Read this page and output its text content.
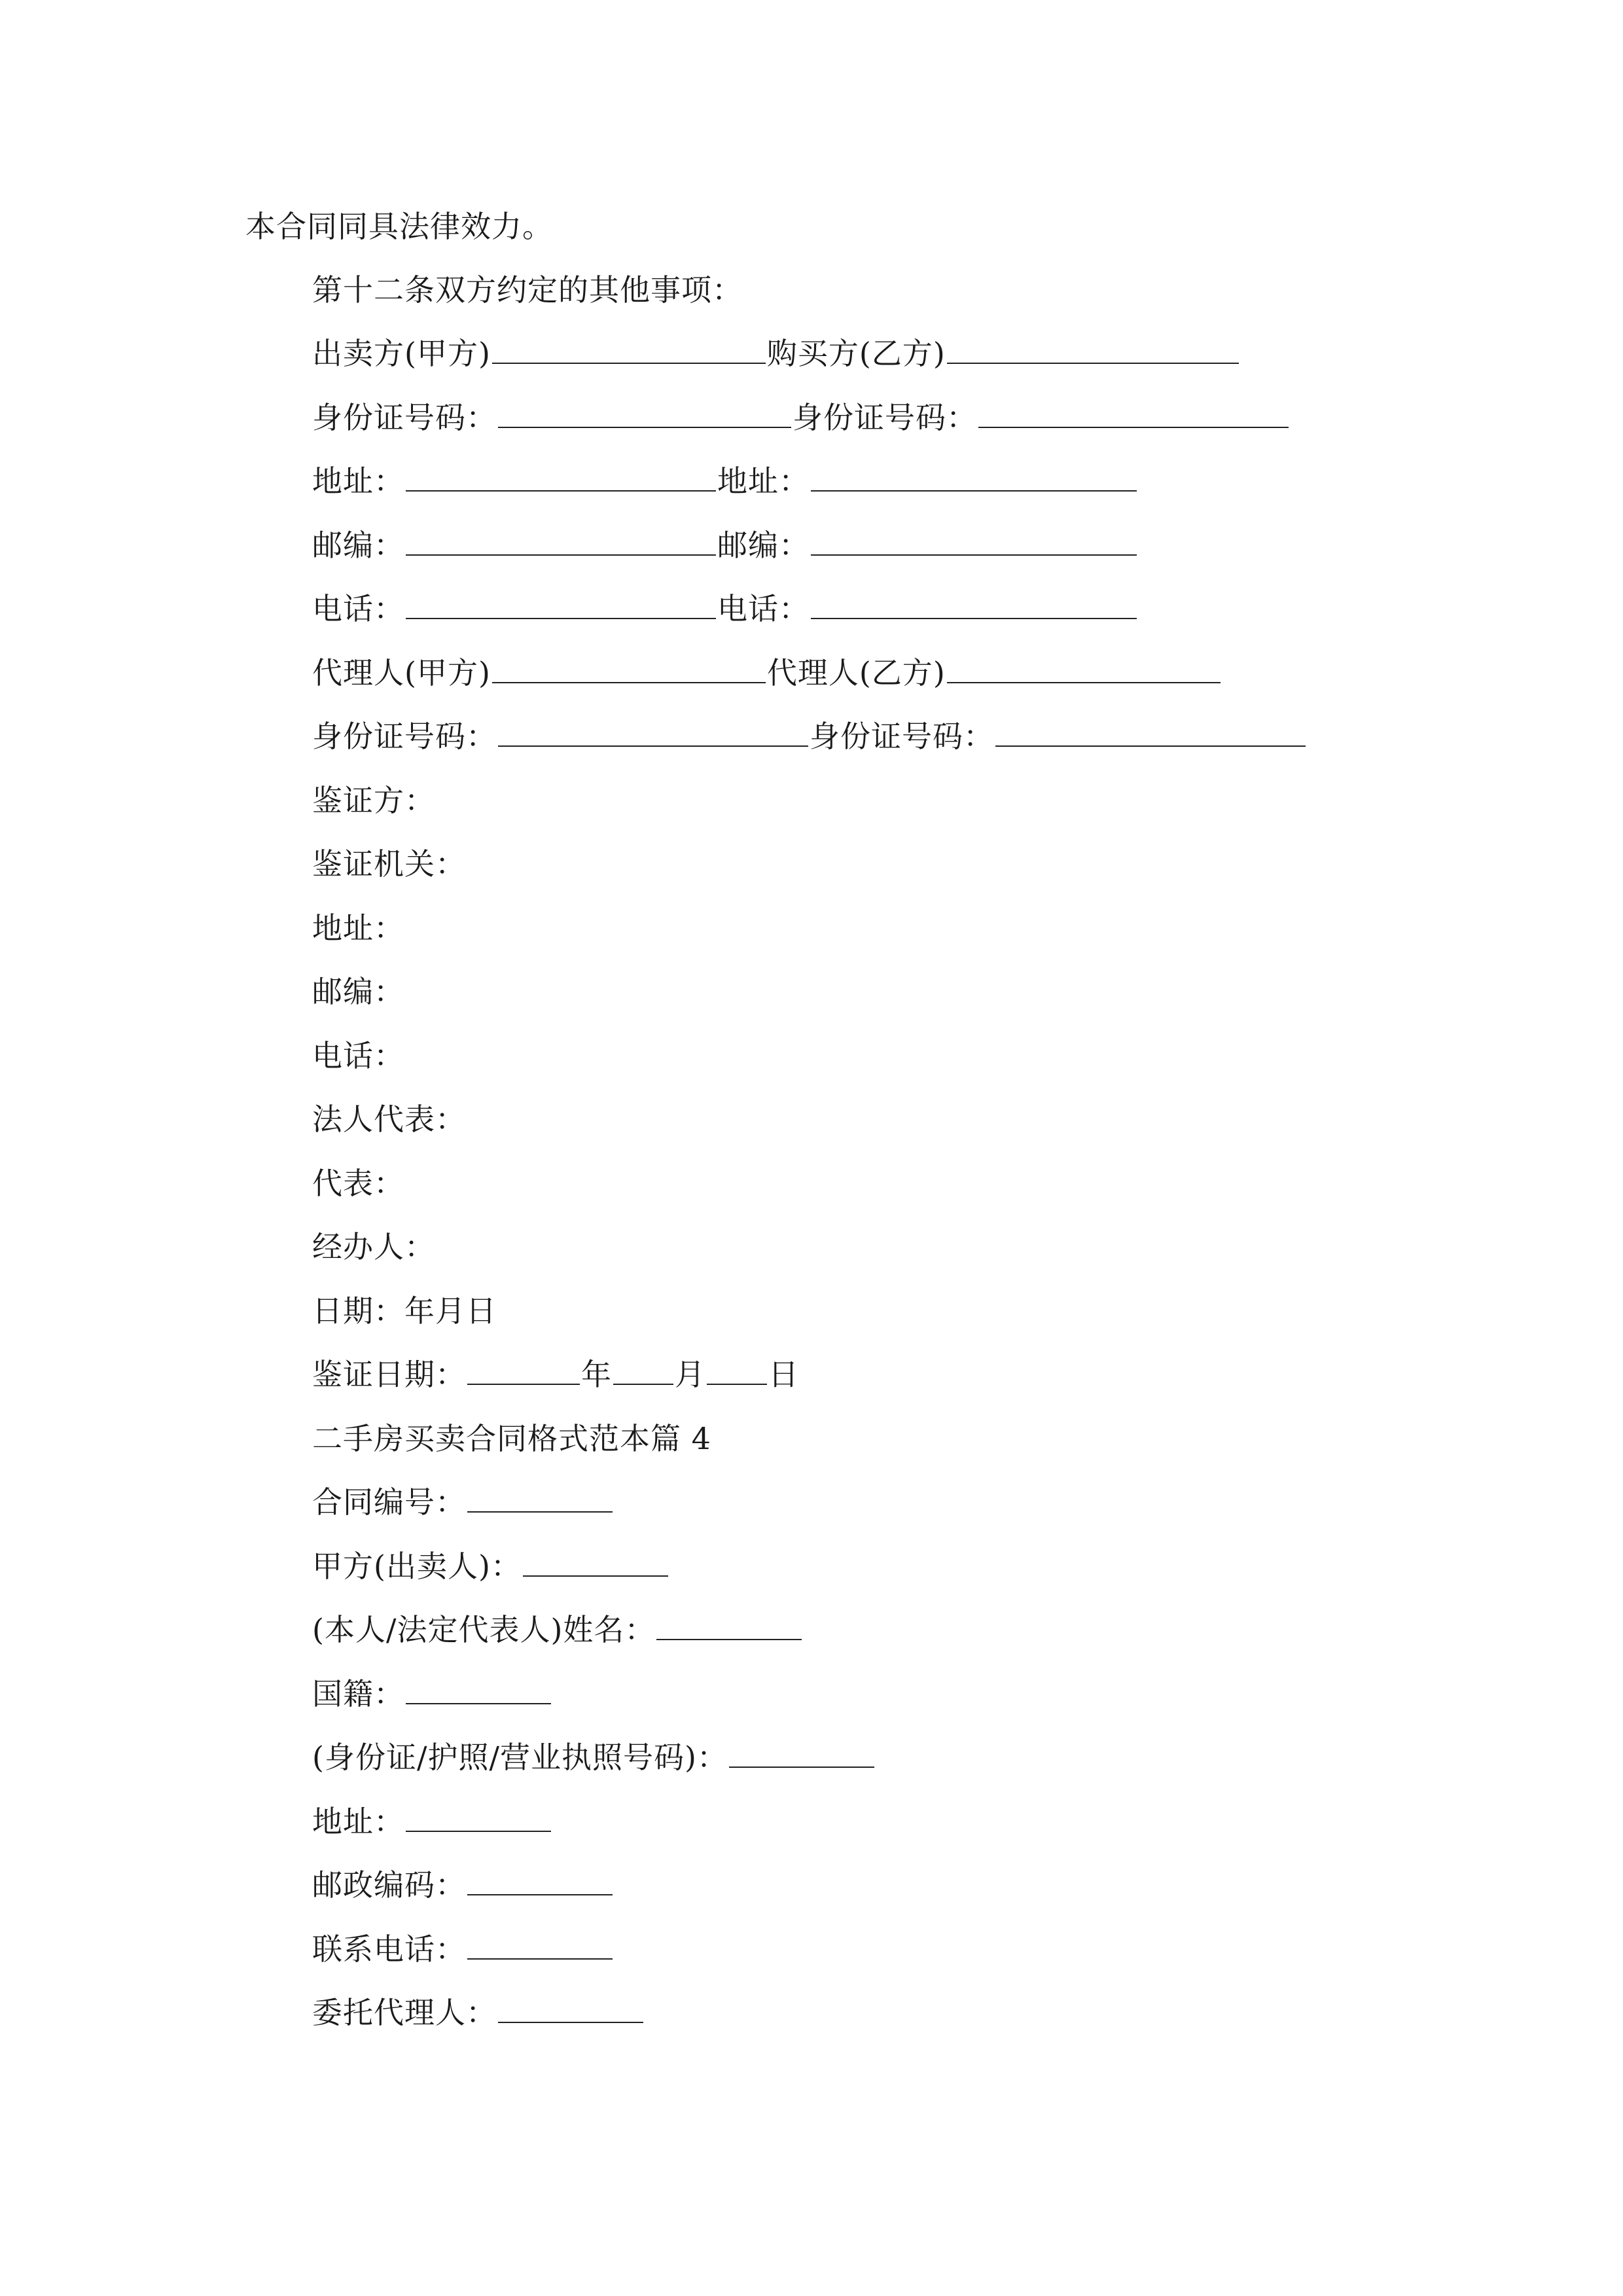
本合同同具法律效力。
第十二条双方约定的其他事项：
出卖方(甲方)	购买方(乙方)
身份证号码：	身份证号码：
地址：	地址：
邮编：	邮编：
电话：	电话：
代理人(甲方)	代理人(乙方)
身份证号码：	身份证号码：
鉴证方：
鉴证机关：
地址：
邮编：
电话：
法人代表：
代表：
经办人：
日期：年月日
鉴证日期：	年 月 日
二手房买卖合同格式范本篇 4
合同编号：
甲方(出卖人)：
(本人/法定代表人)姓名：
国籍：
(身份证/护照/营业执照号码)：
地址：
邮政编码：
联系电话：
委托代理人：
